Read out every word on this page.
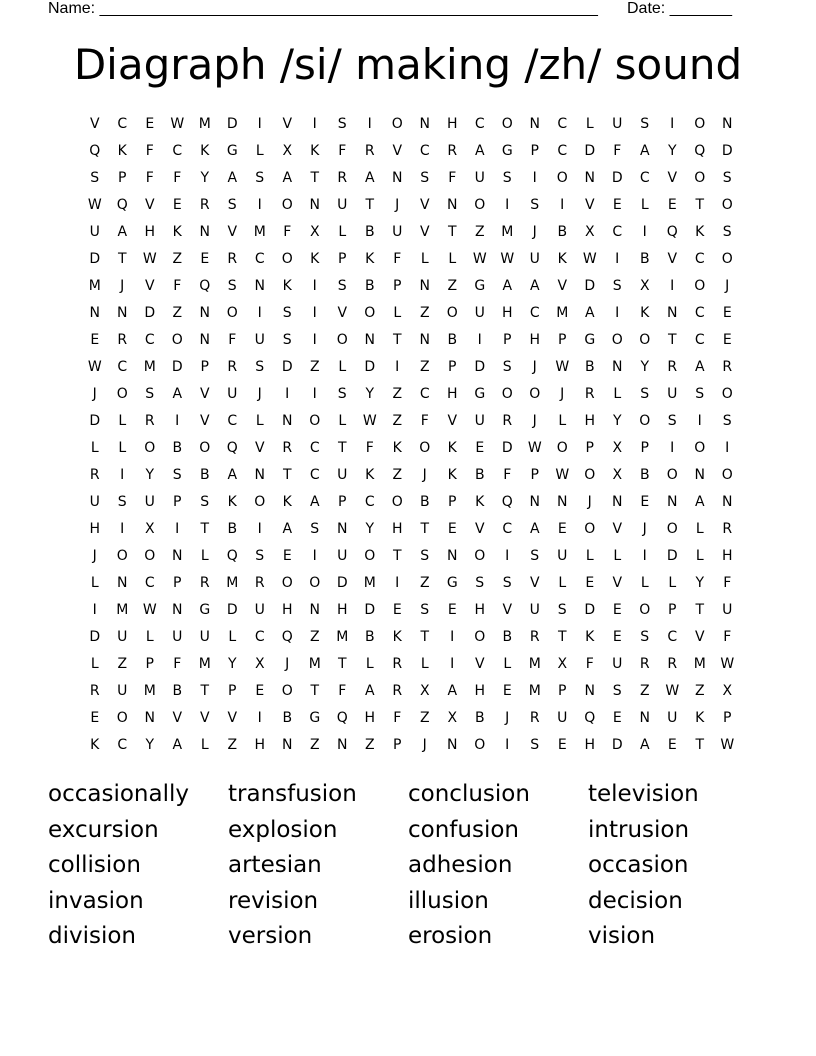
Name: ________________________________________________________ Date: _______
Diagraph /si/ making /zh/ sound
V	C	E	W	M	D	I	V	I	S	I	O	N	H	C	O	N	C	L	U	S	I	O	N
Q	K	F	C	K	G	L	X	K	F	R	V	C	R	A	G	P	C	D	F	A	Y	Q	D
S	P	F	F	Y	A	S	A	T	R	A	N	S	F	U	S	I	O	N	D	C	V	O	S
W	Q	V	E	R	S	I	O	N	U	T	J	V	N	O	I	S	I	V	E	L	E	T	O
U	A	H	K	N	V	M	F	X	L	B	U	V	T	Z	M	J	B	X	C	I	Q	K	S
D	T	W	Z	E	R	C	O	K	P	K	F	L	L	W W	U	K	W	I	B	V	C	O
M	J	V	F	Q	S	N	K	I	S	B	P	N	Z	G	A	A	V	D	S	X	I	O	J
N	N	D	Z	N	O	I	S	I	V	O	L	Z	O	U	H	C	M	A	I	K	N	C	E
E	R	C	O	N	F	U	S	I	O	N	T	N	B	I	P	H	P	G	O	O	T	C	E
W	C	M	D	P	R	S	D	Z	L	D	I	Z	P	D	S	J	W	B	N	Y	R	A	R
J	O	S	A	V	U	J	I	I	S	Y	Z	C	H	G	O	O	J	R	L	S	U	S	O
D	L	R	I	V	C	L	N	O	L	W	Z	F	V	U	R	J	L	H	Y	O	S	I	S
L	L	O	B	O	Q	V	R	C	T	F	K	O	K	E	D	W	O	P	X	P	I	O	I
R	I	Y	S	B	A	N	T	C	U	K	Z	J	K	B	F	P	W	O	X	B	O	N	O
U	S	U	P	S	K	O	K	A	P	C	O	B	P	K	Q	N	N	J	N	E	N	A	N
H	I	X	I	T	B	I	A	S	N	Y	H	T	E	V	C	A	E	O	V	J	O	L	R
J	O	O	N	L	Q	S	E	I	U	O	T	S	N	O	I	S	U	L	L	I	D	L	H
L	N	C	P	R	M	R	O	O	D	M	I	Z	G	S	S	V	L	E	V	L	L	Y	F
I	M	W	N	G	D	U	H	N	H	D	E	S	E	H	V	U	S	D	E	O	P	T	U
D	U	L	U	U	L	C	Q	Z	M	B	K	T	I	O	B	R	T	K	E	S	C	V	F
L	Z	P	F	M	Y	X	J	M	T	L	R	L	I	V	L	M	X	F	U	R	R	M	W
R	U	M	B	T	P	E	O	T	F	A	R	X	A	H	E	M	P	N	S	Z	W	Z	X
E	O	N	V	V	V	I	B	G	Q	H	F	Z	X	B	J	R	U	Q	E	N	U	K	P
K	C	Y	A	L	Z	H	N	Z	N	Z	P	J	N	O	I	S	E	H	D	A	E	T	W
occasionally	transfusion	conclusion	television
excursion	explosion	confusion	intrusion
collision	artesian	adhesion	occasion
invasion	revision	illusion	decision
division	version	erosion	vision
